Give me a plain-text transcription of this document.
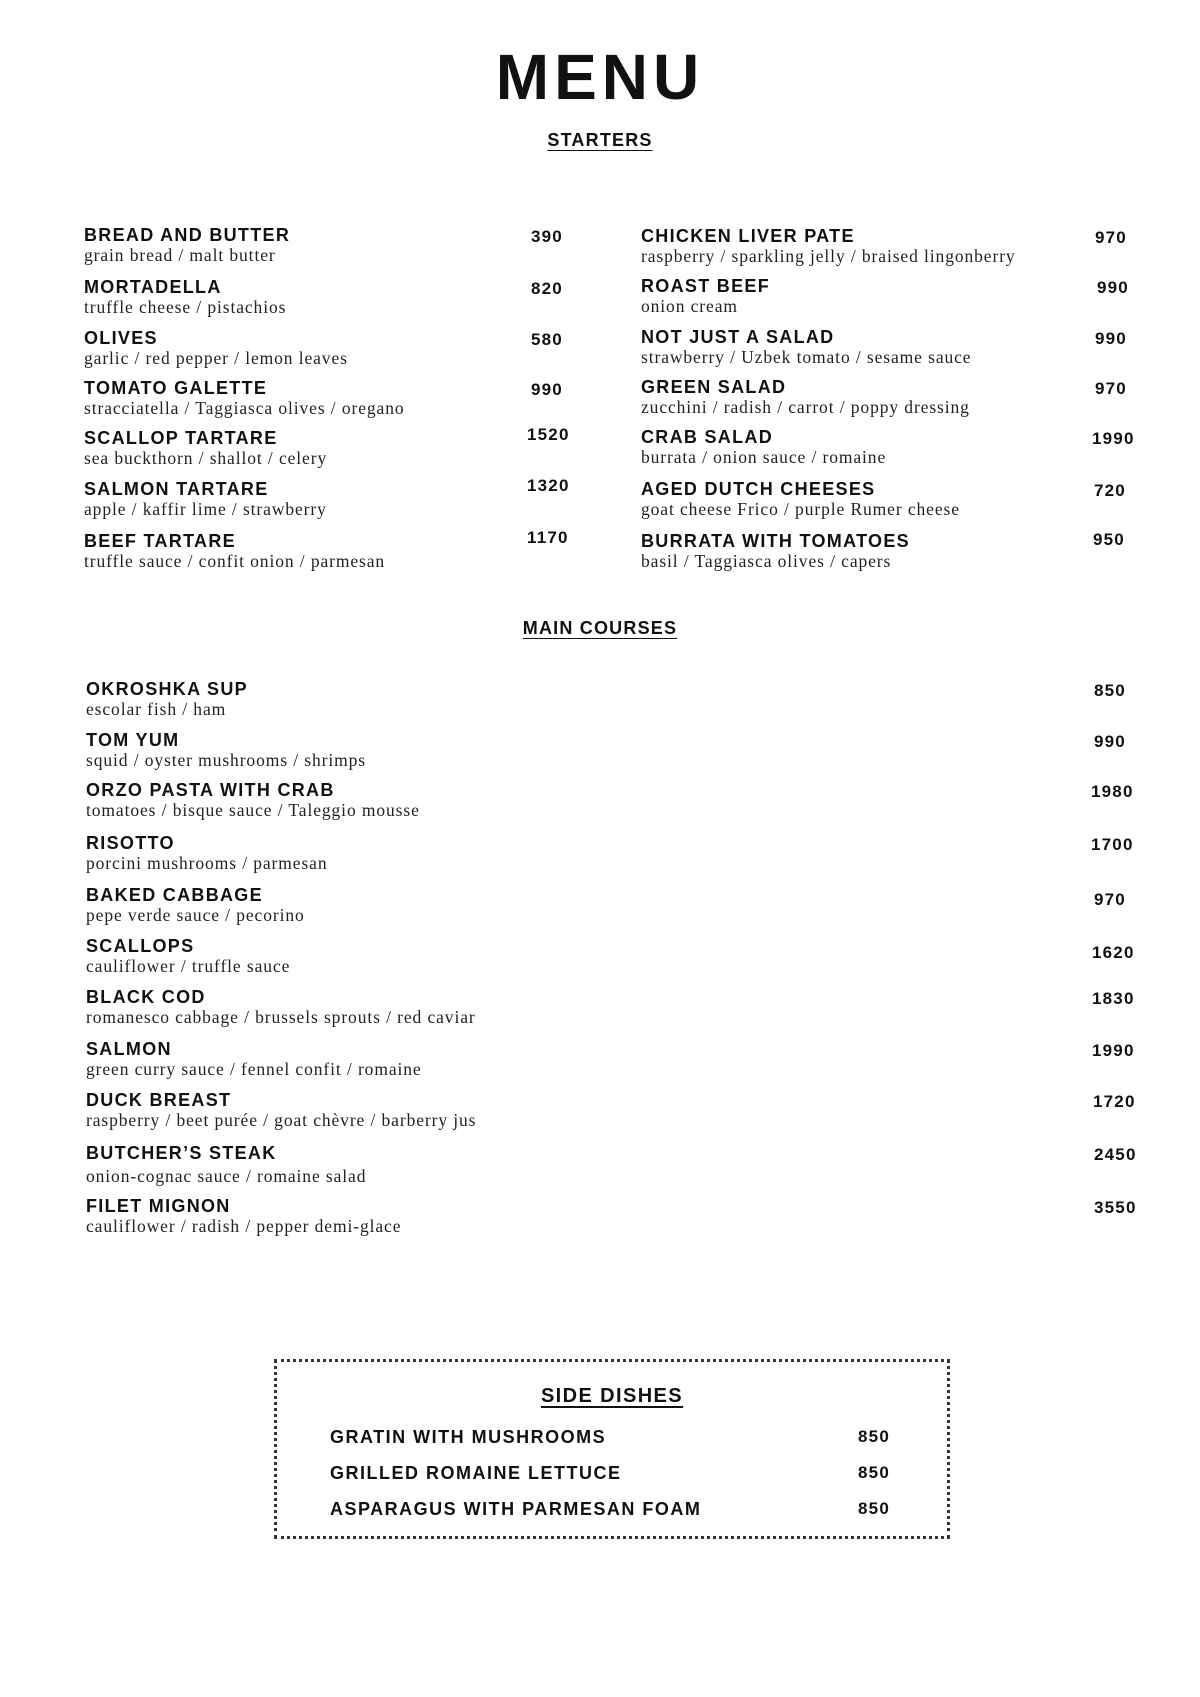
MENU
STARTERS
BREAD AND BUTTER
grain bread / malt butter
390
MORTADELLA
truffle cheese / pistachios
820
OLIVES
garlic / red pepper / lemon leaves
580
TOMATO GALETTE
stracciatella / Taggiasca olives / oregano
990
SCALLOP TARTARE
sea buckthorn / shallot / celery
1520
SALMON TARTARE
apple / kaffir lime / strawberry
1320
BEEF TARTARE
truffle sauce / confit onion / parmesan
1170
CHICKEN LIVER PATE
raspberry / sparkling jelly / braised lingonberry
970
ROAST BEEF
onion cream
990
NOT JUST A SALAD
strawberry / Uzbek tomato / sesame sauce
990
GREEN SALAD
zucchini / radish / carrot / poppy dressing
970
CRAB SALAD
burrata / onion sauce / romaine
1990
AGED DUTCH CHEESES
goat cheese Frico / purple Rumer cheese
720
BURRATA WITH TOMATOES
basil / Taggiasca olives / capers
950
MAIN COURSES
OKROSHKA SUP
escolar fish / ham
850
TOM YUM
squid / oyster mushrooms / shrimps
990
ORZO PASTA WITH CRAB
tomatoes / bisque sauce / Taleggio mousse
1980
RISOTTO
porcini mushrooms / parmesan
1700
BAKED CABBAGE
pepe verde sauce / pecorino
970
SCALLOPS
cauliflower / truffle sauce
1620
BLACK COD
romanesco cabbage / brussels sprouts / red caviar
1830
SALMON
green curry sauce / fennel confit / romaine
1990
DUCK BREAST
raspberry / beet purée / goat chèvre / barberry jus
1720
BUTCHER’S STEAK
onion-cognac sauce / romaine salad
2450
FILET MIGNON
cauliflower / radish / pepper demi-glace
3550
SIDE DISHES
GRATIN WITH MUSHROOMS	850
GRILLED ROMAINE LETTUCE	850
ASPARAGUS WITH PARMESAN FOAM	850
